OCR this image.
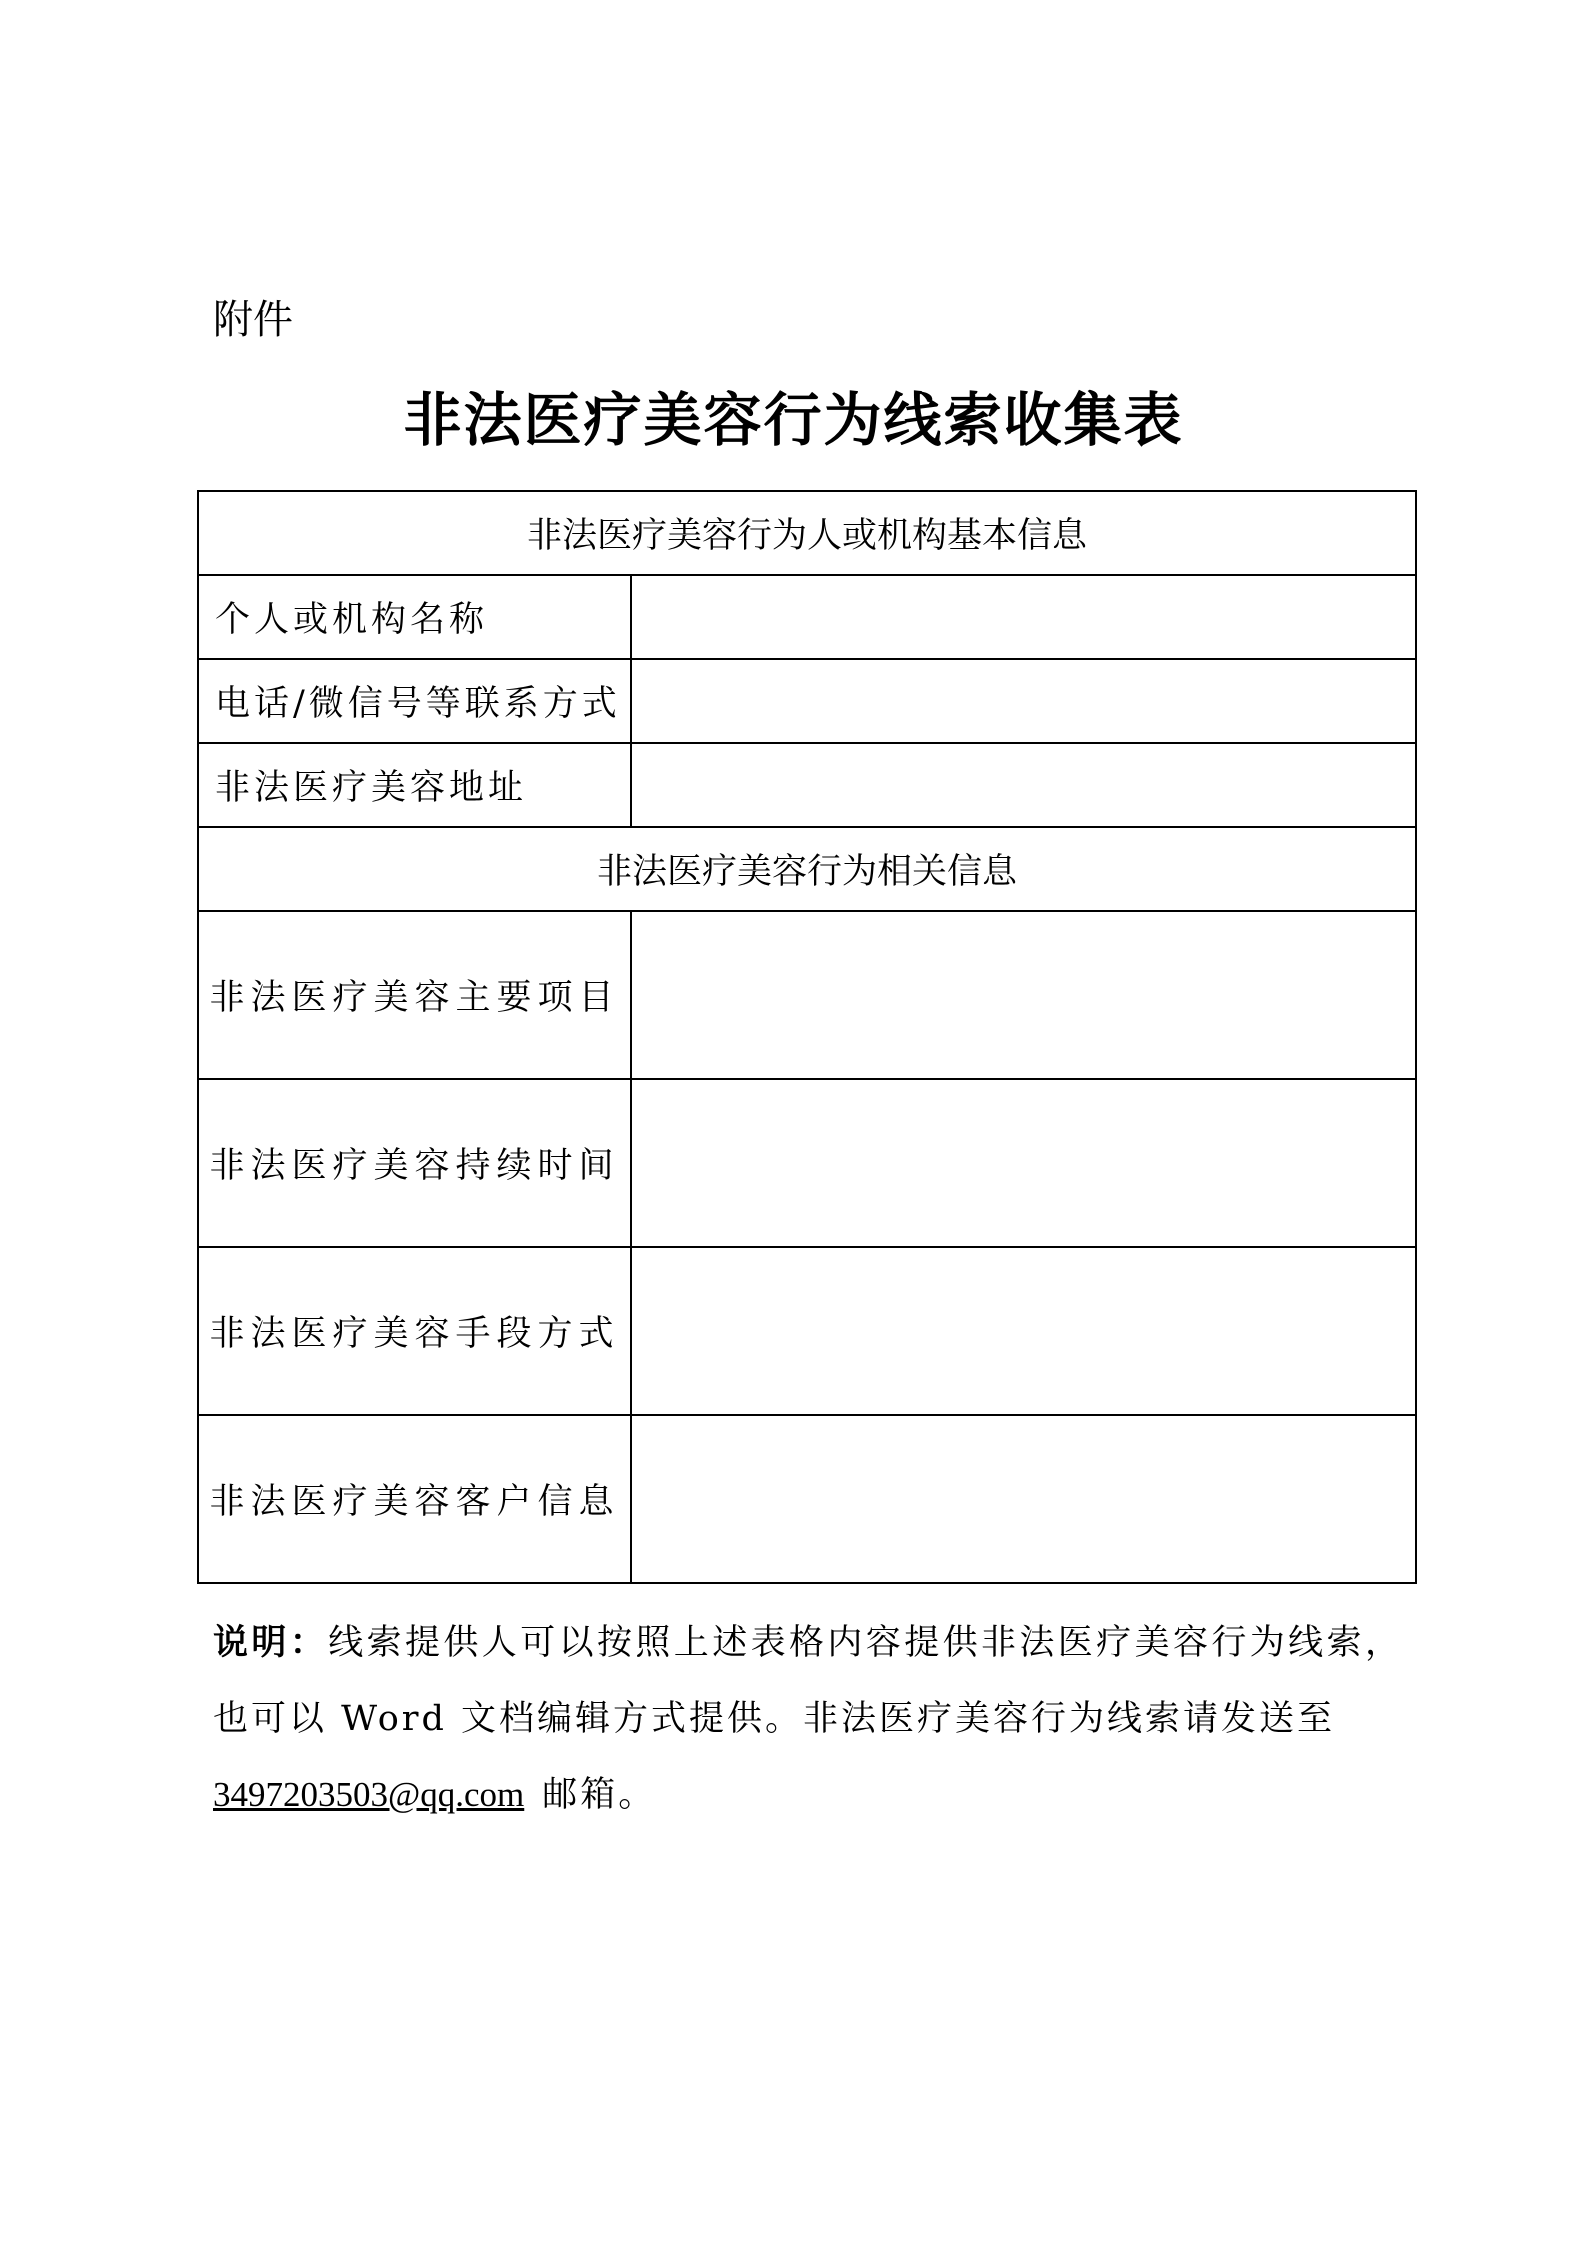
附件
非法医疗美容行为线索收集表
非法医疗美容行为人或机构基本信息	
个人或机构名称	
电话/微信号等联系方式	
非法医疗美容地址	
非法医疗美容行为相关信息	
非法医疗美容主要项目	
非法医疗美容持续时间	
非法医疗美容手段方式	
非法医疗美容客户信息	
说明：线索提供人可以按照上述表格内容提供非法医疗美容行为线索，也可以 Word 文档编辑方式提供。非法医疗美容行为线索请发送至
3497203503@qq.com 邮箱。
